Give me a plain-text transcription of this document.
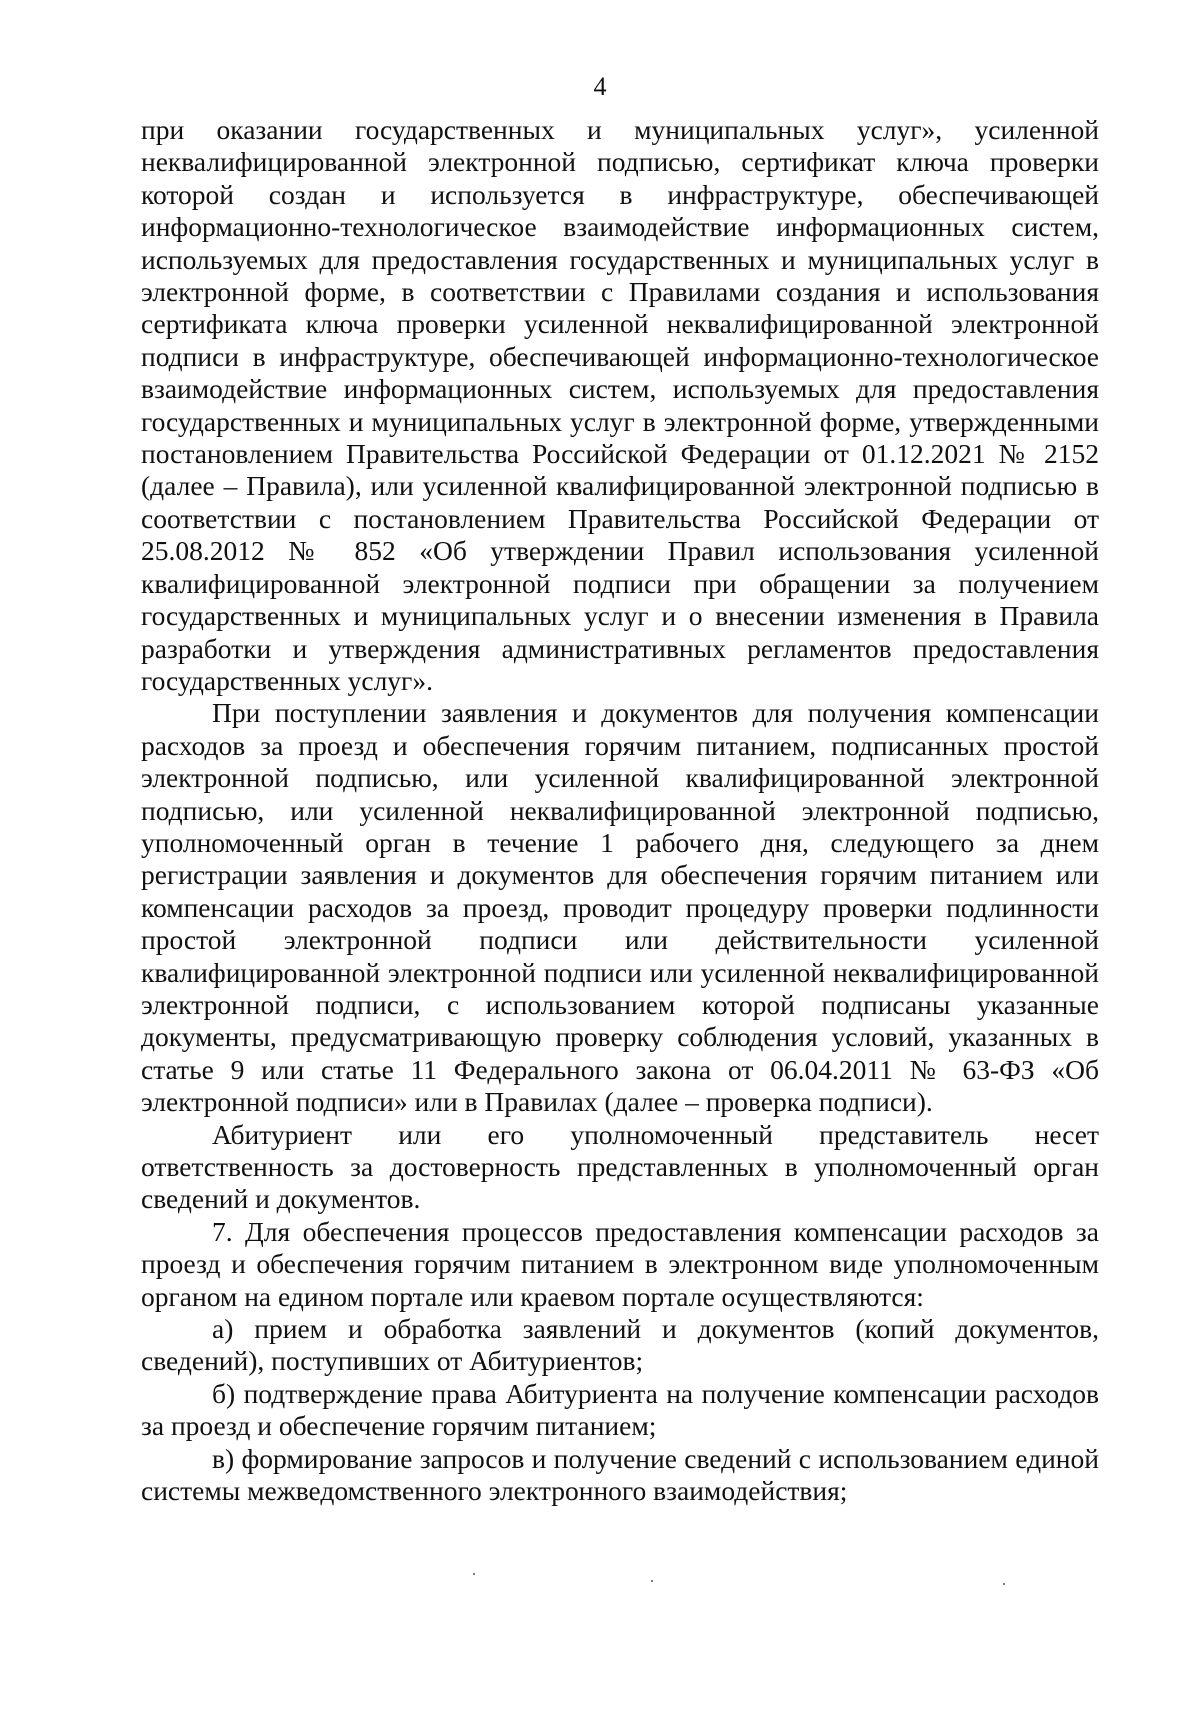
4

при оказании государственных и муниципальных услуг», усиленной неквалифицированной электронной подписью, сертификат ключа проверки которой создан и используется в инфраструктуре, обеспечивающей информационно-технологическое взаимодействие информационных систем, используемых для предоставления государственных и муниципальных услуг в электронной форме, в соответствии с Правилами создания и использования сертификата ключа проверки усиленной неквалифицированной электронной подписи в инфраструктуре, обеспечивающей информационно-технологическое взаимодействие информационных систем, используемых для предоставления государственных и муниципальных услуг в электронной форме, утвержденными постановлением Правительства Российской Федерации от 01.12.2021 № 2152 (далее – Правила), или усиленной квалифицированной электронной подписью в соответствии с постановлением Правительства Российской Федерации от 25.08.2012 № 852 «Об утверждении Правил использования усиленной квалифицированной электронной подписи при обращении за получением государственных и муниципальных услуг и о внесении изменения в Правила разработки и утверждения административных регламентов предоставления государственных услуг».

При поступлении заявления и документов для получения компенсации расходов за проезд и обеспечения горячим питанием, подписанных простой электронной подписью, или усиленной квалифицированной электронной подписью, или усиленной неквалифицированной электронной подписью, уполномоченный орган в течение 1 рабочего дня, следующего за днем регистрации заявления и документов для обеспечения горячим питанием или компенсации расходов за проезд, проводит процедуру проверки подлинности простой электронной подписи или действительности усиленной квалифицированной электронной подписи или усиленной неквалифицированной электронной подписи, с использованием которой подписаны указанные документы, предусматривающую проверку соблюдения условий, указанных в статье 9 или статье 11 Федерального закона от 06.04.2011 № 63-ФЗ «Об электронной подписи» или в Правилах (далее – проверка подписи).

Абитуриент или его уполномоченный представитель несет ответственность за достоверность представленных в уполномоченный орган сведений и документов.

7. Для обеспечения процессов предоставления компенсации расходов за проезд и обеспечения горячим питанием в электронном виде уполномоченным органом на едином портале или краевом портале осуществляются:

а) прием и обработка заявлений и документов (копий документов, сведений), поступивших от Абитуриентов;

б) подтверждение права Абитуриента на получение компенсации расходов за проезд и обеспечение горячим питанием;

в) формирование запросов и получение сведений с использованием единой системы межведомственного электронного взаимодействия;
